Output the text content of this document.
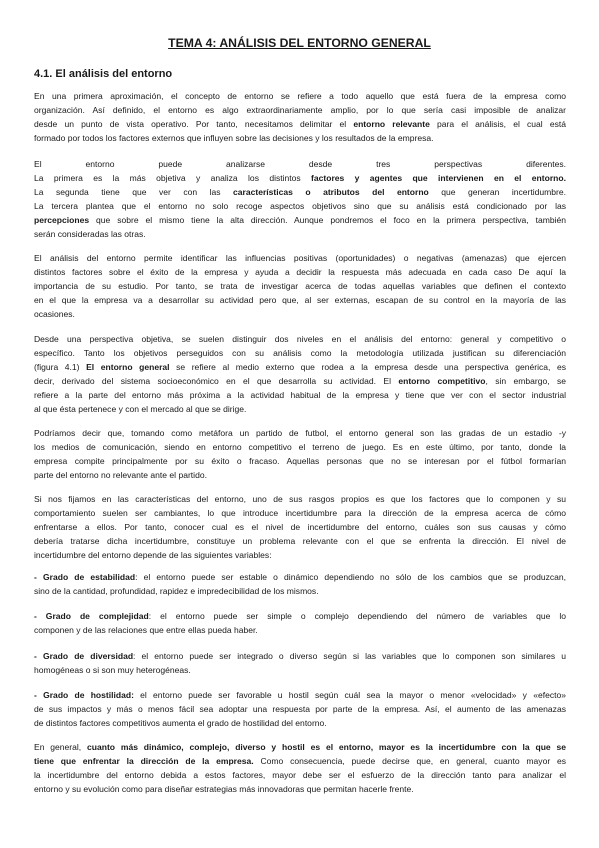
TEMA 4: ANÁLISIS DEL ENTORNO GENERAL
4.1. El análisis del entorno
En una primera aproximación, el concepto de entorno se refiere a todo aquello que está fuera de la empresa como
organización. Así definido, el entorno es algo extraordinariamente amplio, por lo que sería casi imposible de analizar
desde un punto de vista operativo. Por tanto, necesitamos delimitar el entorno relevante para el análisis, el cual está
formado por todos los factores externos que influyen sobre las decisiones y los resultados de la empresa.
El entorno puede analizarse desde tres perspectivas diferentes.
La primera es la más objetiva y analiza los distintos factores y agentes que intervienen en el entorno.
La segunda tiene que ver con las características o atributos del entorno que generan incertidumbre.
La tercera plantea que el entorno no solo recoge aspectos objetivos sino que su análisis está condicionado por las
percepciones que sobre el mismo tiene la alta dirección. Aunque pondremos el foco en la primera perspectiva, también
serán consideradas las otras.
El análisis del entorno permite identificar las influencias positivas (oportunidades) o negativas (amenazas) que ejercen
distintos factores sobre el éxito de la empresa y ayuda a decidir la respuesta más adecuada en cada caso De aquí la
importancia de su estudio. Por tanto, se trata de investigar acerca de todas aquellas variables que definen el contexto
en el que la empresa va a desarrollar su actividad pero que, al ser externas, escapan de su control en la mayoría de las
ocasiones.
Desde una perspectiva objetiva, se suelen distinguir dos niveles en el análisis del entorno: general y competitivo o
específico. Tanto los objetivos perseguidos con su análisis como la metodología utilizada justifican su diferenciación
(figura 4.1) El entorno general se refiere al medio externo que rodea a la empresa desde una perspectiva genérica, es
decir, derivado del sistema socioeconómico en el que desarrolla su actividad. El entorno competitivo, sin embargo, se
refiere a la parte del entorno más próxima a la actividad habitual de la empresa y tiene que ver con el sector industrial
al que ésta pertenece y con el mercado al que se dirige.
Podríamos decir que, tomando como metáfora un partido de futbol, el entorno general son las gradas de un estadio -y
los medios de comunicación, siendo en entorno competitivo el terreno de juego. Es en este último, por tanto, donde la
empresa compite principalmente por su éxito o fracaso. Aquellas personas que no se interesan por el fútbol formarían
parte del entorno no relevante ante el partido.
Si nos fijamos en las características del entorno, uno de sus rasgos propios es que los factores que lo componen y su
comportamiento suelen ser cambiantes, lo que introduce incertidumbre para la dirección de la empresa acerca de cómo
enfrentarse a ellos. Por tanto, conocer cual es el nivel de incertidumbre del entorno, cuáles son sus causas y cómo
debería tratarse dicha incertidumbre, constituye un problema relevante con el que se enfrenta la dirección. El nivel de
incertidumbre del entorno depende de las siguientes variables:
- Grado de estabilidad: el entorno puede ser estable o dinámico dependiendo no sólo de los cambios que se produzcan,
sino de la cantidad, profundidad, rapidez e impredecibilidad de los mismos.
- Grado de complejidad: el entorno puede ser simple o complejo dependiendo del número de variables que lo
componen y de las relaciones que entre ellas pueda haber.
- Grado de diversidad: el entorno puede ser integrado o diverso según si las variables que lo componen son similares u
homogéneas o si son muy heterogéneas.
- Grado de hostilidad: el entorno puede ser favorable u hostil según cuál sea la mayor o menor «velocidad» y «efecto»
de sus impactos y más o menos fácil sea adoptar una respuesta por parte de la empresa. Así, el aumento de las amenazas
de distintos factores competitivos aumenta el grado de hostilidad del entorno.
En general, cuanto más dinámico, complejo, diverso y hostil es el entorno, mayor es la incertidumbre con la que se
tiene que enfrentar la dirección de la empresa. Como consecuencia, puede decirse que, en general, cuanto mayor es
la incertidumbre del entorno debida a estos factores, mayor debe ser el esfuerzo de la dirección tanto para analizar el
entorno y su evolución como para diseñar estrategias más innovadoras que permitan hacerle frente.
